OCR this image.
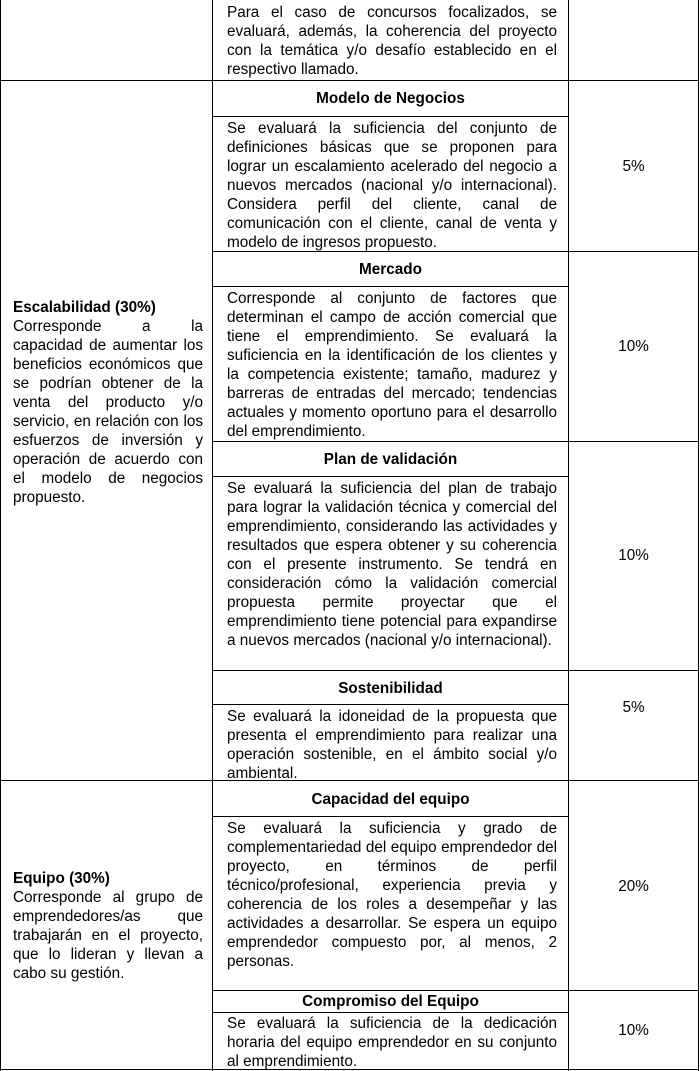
Para el caso de concursos focalizados, se evaluará, además, la coherencia del proyecto con la temática y/o desafío establecido en el respectivo llamado.
Escalabilidad (30%)
Corresponde a la capacidad de aumentar los beneficios económicos que se podrían obtener de la venta del producto y/o servicio, en relación con los esfuerzos de inversión y operación de acuerdo con el modelo de negocios propuesto.
Modelo de Negocios
Se evaluará la suficiencia del conjunto de definiciones básicas que se proponen para lograr un escalamiento acelerado del negocio a nuevos mercados (nacional y/o internacional). Considera perfil del cliente, canal de comunicación con el cliente, canal de venta y modelo de ingresos propuesto.
5%
Mercado
Corresponde al conjunto de factores que determinan el campo de acción comercial que tiene el emprendimiento. Se evaluará la suficiencia en la identificación de los clientes y la competencia existente; tamaño, madurez y barreras de entradas del mercado; tendencias actuales y momento oportuno para el desarrollo del emprendimiento.
10%
Plan de validación
Se evaluará la suficiencia del plan de trabajo para lograr la validación técnica y comercial del emprendimiento, considerando las actividades y resultados que espera obtener y su coherencia con el presente instrumento. Se tendrá en consideración cómo la validación comercial propuesta permite proyectar que el emprendimiento tiene potencial para expandirse a nuevos mercados (nacional y/o internacional).
10%
Sostenibilidad
Se evaluará la idoneidad de la propuesta que presenta el emprendimiento para realizar una operación sostenible, en el ámbito social y/o ambiental.
5%
Equipo (30%)
Corresponde al grupo de emprendedores/as que trabajarán en el proyecto, que lo lideran y llevan a cabo su gestión.
Capacidad del equipo
Se evaluará la suficiencia y grado de complementariedad del equipo emprendedor del proyecto, en términos de perfil técnico/profesional, experiencia previa y coherencia de los roles a desempeñar y las actividades a desarrollar. Se espera un equipo emprendedor compuesto por, al menos, 2 personas.
20%
Compromiso del Equipo
Se evaluará la suficiencia de la dedicación horaria del equipo emprendedor en su conjunto al emprendimiento.
10%
